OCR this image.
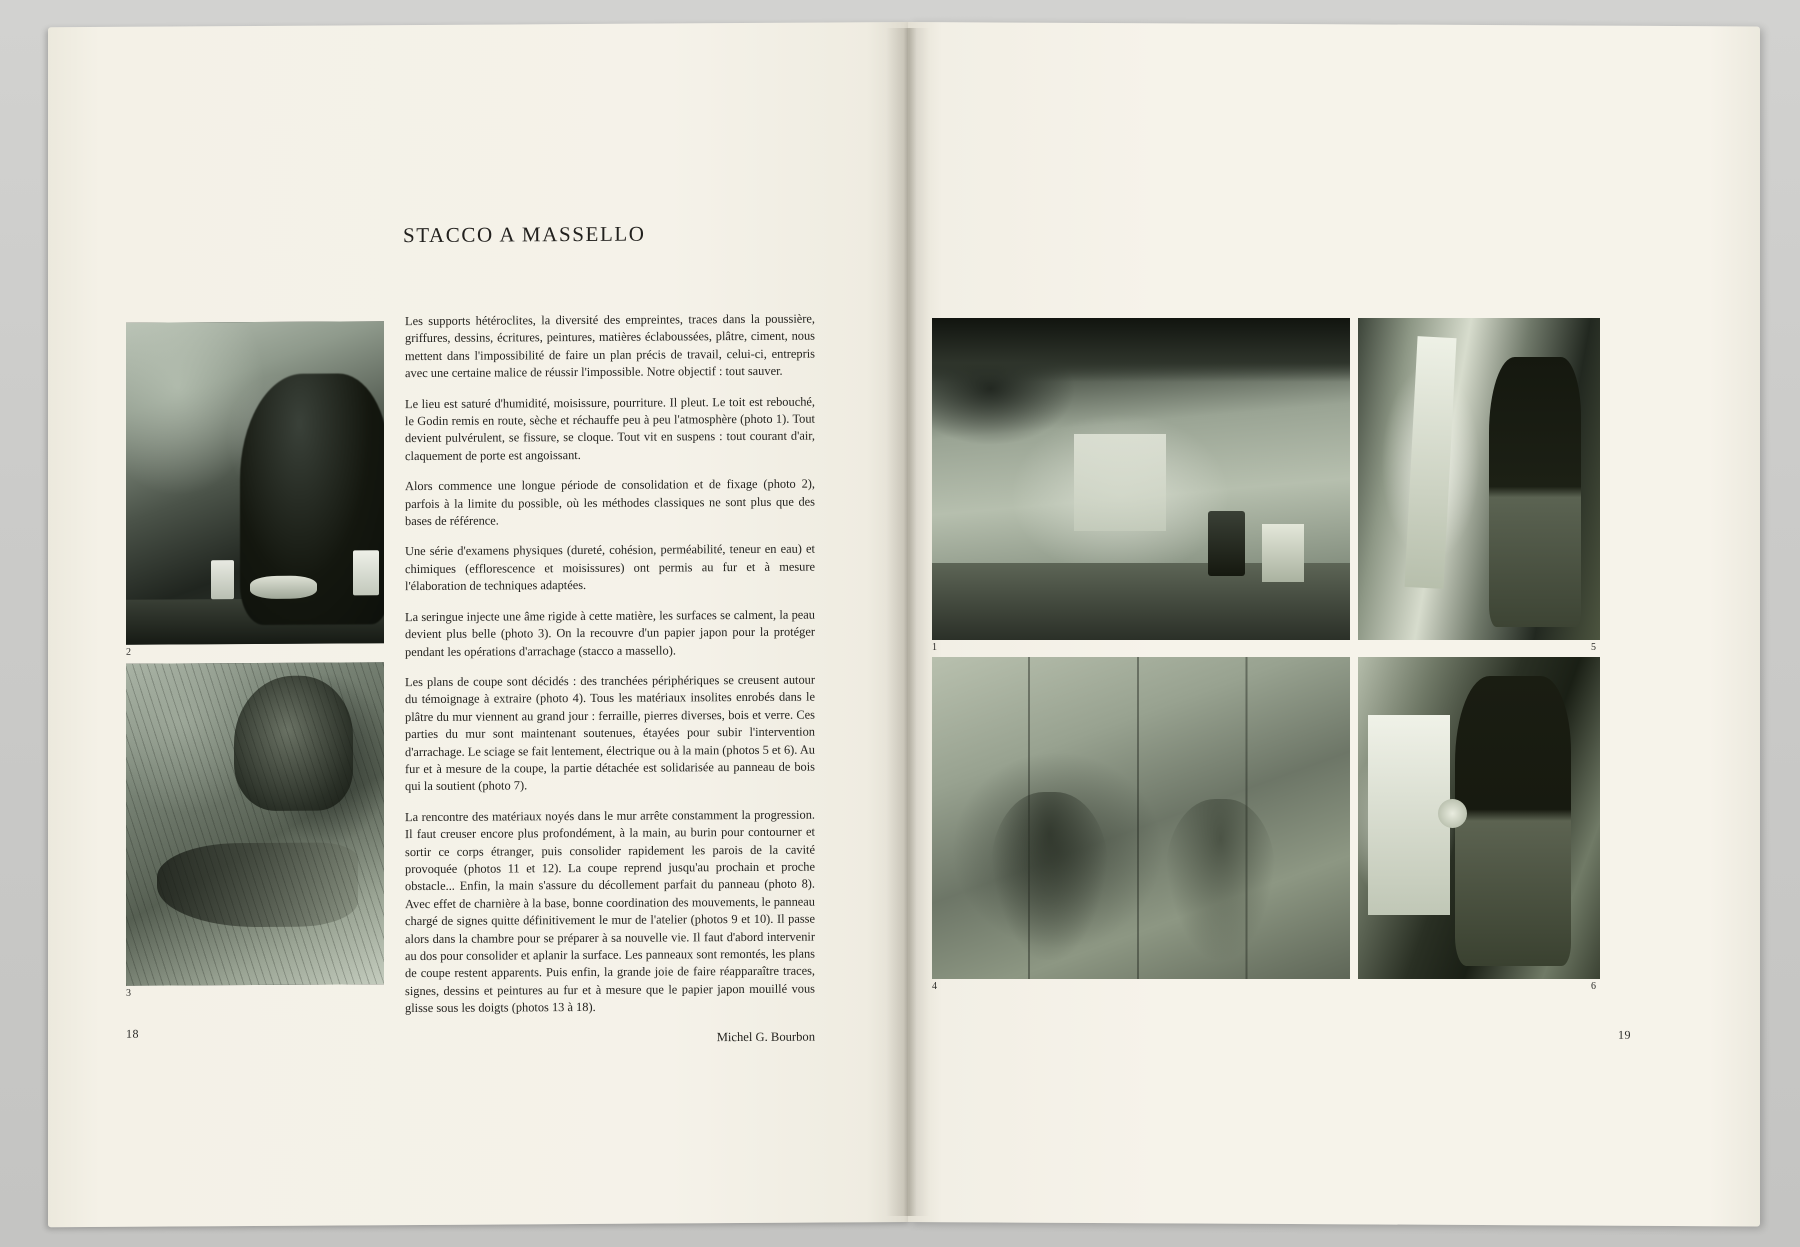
STACCO A MASSELLO

Les supports hétéroclites, la diversité des empreintes, traces dans la poussière, griffures, dessins, écritures, peintures, matières éclaboussées, plâtre, ciment, nous mettent dans l'impossibilité de faire un plan précis de travail, celui-ci, entrepris avec une certaine malice de réussir l'impossible. Notre objectif : tout sauver.

Le lieu est saturé d'humidité, moisissure, pourriture. Il pleut. Le toit est rebouché, le Godin remis en route, sèche et réchauffe peu à peu l'atmosphère (photo 1). Tout devient pulvérulent, se fissure, se cloque. Tout vit en suspens : tout courant d'air, claquement de porte est angoissant.

Alors commence une longue période de consolidation et de fixage (photo 2), parfois à la limite du possible, où les méthodes classiques ne sont plus que des bases de référence.

Une série d'examens physiques (dureté, cohésion, perméabilité, teneur en eau) et chimiques (efflorescence et moisissures) ont permis au fur et à mesure l'élaboration de techniques adaptées.

La seringue injecte une âme rigide à cette matière, les surfaces se calment, la peau devient plus belle (photo 3). On la recouvre d'un papier japon pour la protéger pendant les opérations d'arrachage (stacco a massello).

Les plans de coupe sont décidés : des tranchées périphériques se creusent autour du témoignage à extraire (photo 4). Tous les matériaux insolites enrobés dans le plâtre du mur viennent au grand jour : ferraille, pierres diverses, bois et verre. Ces parties du mur sont maintenant soutenues, étayées pour subir l'intervention d'arrachage. Le sciage se fait lentement, électrique ou à la main (photos 5 et 6). Au fur et à mesure de la coupe, la partie détachée est solidarisée au panneau de bois qui la soutient (photo 7).

La rencontre des matériaux noyés dans le mur arrête constamment la progression. Il faut creuser encore plus profondément, à la main, au burin pour contourner et sortir ce corps étranger, puis consolider rapidement les parois de la cavité provoquée (photos 11 et 12). La coupe reprend jusqu'au prochain et proche obstacle... Enfin, la main s'assure du décollement parfait du panneau (photo 8). Avec effet de charnière à la base, bonne coordination des mouvements, le panneau chargé de signes quitte définitivement le mur de l'atelier (photos 9 et 10). Il passe alors dans la chambre pour se préparer à sa nouvelle vie. Il faut d'abord intervenir au dos pour consolider et aplanir la surface. Les panneaux sont remontés, les plans de coupe restent apparents. Puis enfin, la grande joie de faire réapparaître traces, signes, dessins et peintures au fur et à mesure que le papier japon mouillé vous glisse sous les doigts (photos 13 à 18).

Michel G. Bourbon
2
3
18	19
1	5
4	6
